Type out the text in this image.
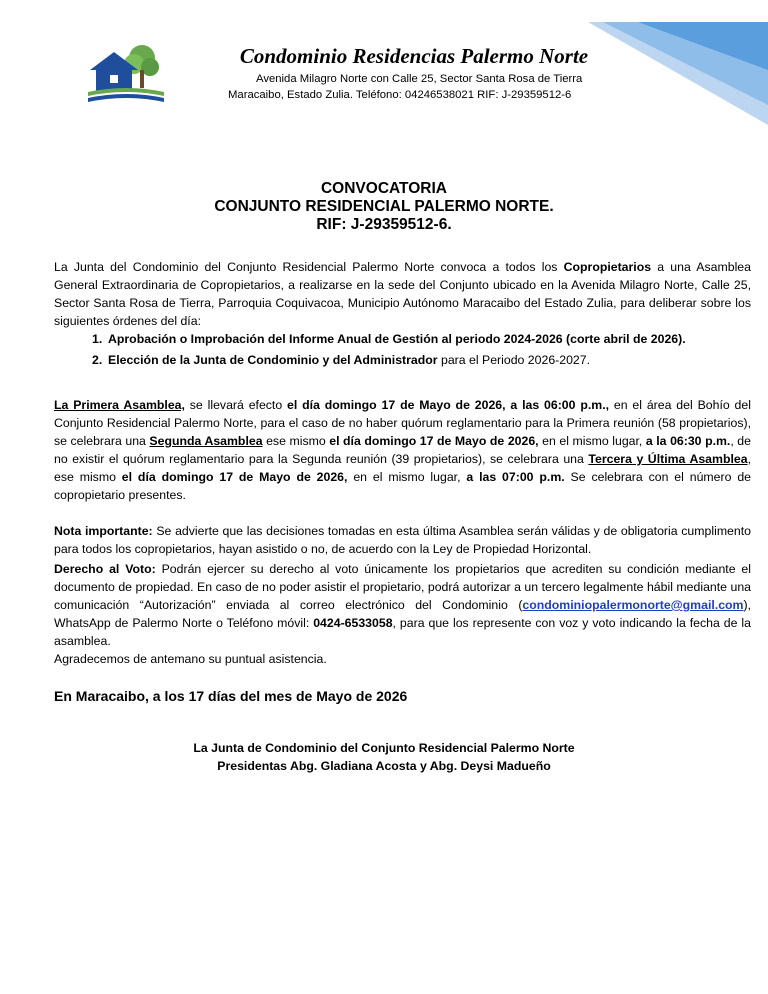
Condominio Residencias Palermo Norte
Avenida Milagro Norte con Calle 25, Sector Santa Rosa de Tierra
Maracaibo, Estado Zulia. Teléfono: 04246538021 RIF: J-29359512-6
CONVOCATORIA
CONJUNTO RESIDENCIAL PALERMO NORTE.
RIF: J-29359512-6.
La Junta del Condominio del Conjunto Residencial Palermo Norte convoca a todos los Copropietarios a una Asamblea General Extraordinaria de Copropietarios, a realizarse en la sede del Conjunto ubicado en la Avenida Milagro Norte, Calle 25, Sector Santa Rosa de Tierra, Parroquia Coquivacoa, Municipio Autónomo Maracaibo del Estado Zulia, para deliberar sobre los siguientes órdenes del día:
1. Aprobación o Improbación del Informe Anual de Gestión al periodo 2024-2026 (corte abril de 2026).
2. Elección de la Junta de Condominio y del Administrador para el Periodo 2026-2027.
La Primera Asamblea, se llevará efecto el día domingo 17 de Mayo de 2026, a las 06:00 p.m., en el área del Bohío del Conjunto Residencial Palermo Norte, para el caso de no haber quórum reglamentario para la Primera reunión (58 propietarios), se celebrara una Segunda Asamblea ese mismo el día domingo 17 de Mayo de 2026, en el mismo lugar, a la 06:30 p.m., de no existir el quórum reglamentario para la Segunda reunión (39 propietarios), se celebrara una Tercera y Última Asamblea, ese mismo el día domingo 17 de Mayo de 2026, en el mismo lugar, a las 07:00 p.m. Se celebrara con el número de copropietario presentes.
Nota importante: Se advierte que las decisiones tomadas en esta última Asamblea serán válidas y de obligatoria cumplimento para todos los copropietarios, hayan asistido o no, de acuerdo con la Ley de Propiedad Horizontal.
Derecho al Voto: Podrán ejercer su derecho al voto únicamente los propietarios que acrediten su condición mediante el documento de propiedad. En caso de no poder asistir el propietario, podrá autorizar a un tercero legalmente hábil mediante una comunicación “Autorización” enviada al correo electrónico del Condominio (condominiopalermonorte@gmail.com), WhatsApp de Palermo Norte o Teléfono móvil: 0424-6533058, para que los represente con voz y voto indicando la fecha de la asamblea.
Agradecemos de antemano su puntual asistencia.
En Maracaibo, a los 17 días del mes de Mayo de 2026
La Junta de Condominio del Conjunto Residencial Palermo Norte
Presidentas Abg. Gladiana Acosta y Abg. Deysi Madueño
